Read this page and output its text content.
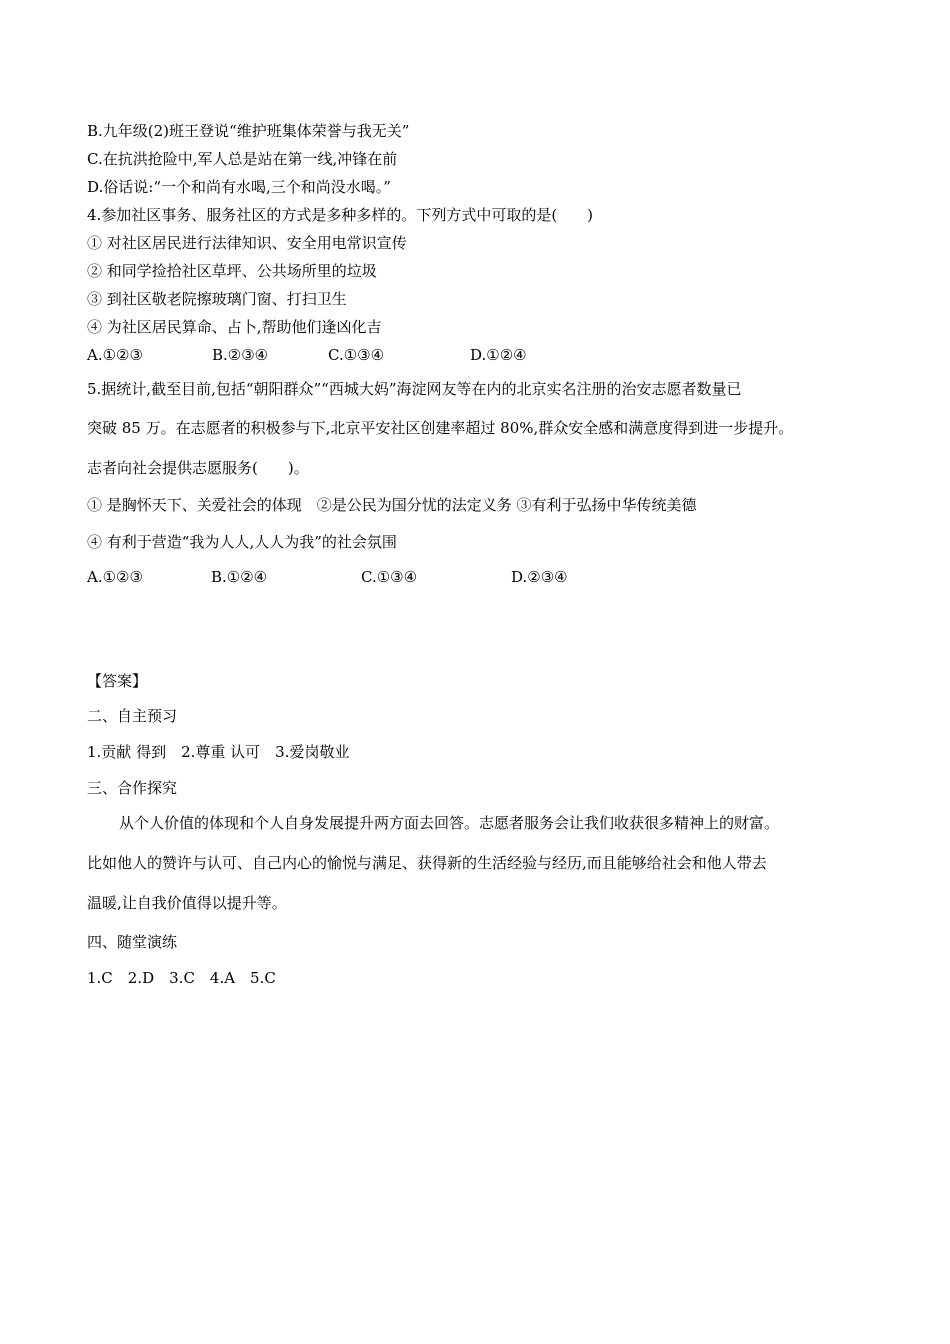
B.九年级(2)班王登说“维护班集体荣誉与我无关”
C.在抗洪抢险中,军人总是站在第一线,冲锋在前
D.俗话说:“一个和尚有水喝,三个和尚没水喝。”
4.参加社区事务、服务社区的方式是多种多样的。下列方式中可取的是(　　)
① 对社区居民进行法律知识、安全用电常识宣传
② 和同学捡拾社区草坪、公共场所里的垃圾
③ 到社区敬老院擦玻璃门窗、打扫卫生
④ 为社区居民算命、占卜,帮助他们逢凶化吉
A.①②③	B.②③④	C.①③④	D.①②④
5.据统计,截至目前,包括“朝阳群众”“西城大妈”海淀网友等在内的北京实名注册的治安志愿者数量已
突破 85 万。在志愿者的积极参与下,北京平安社区创建率超过 80%,群众安全感和满意度得到进一步提升。
志者向社会提供志愿服务(　　)。
① 是胸怀天下、关爱社会的体现　②是公民为国分忧的法定义务 ③有利于弘扬中华传统美德
④ 有利于营造“我为人人,人人为我”的社会氛围
A.①②③	B.①②④	C.①③④	D.②③④
【答案】
二、自主预习
1.贡献 得到　2.尊重 认可　3.爱岗敬业
三、合作探究
从个人价值的体现和个人自身发展提升两方面去回答。志愿者服务会让我们收获很多精神上的财富。
比如他人的赞许与认可、自己内心的愉悦与满足、获得新的生活经验与经历,而且能够给社会和他人带去
温暖,让自我价值得以提升等。
四、随堂演练
1.C　2.D　3.C　4.A　5.C
